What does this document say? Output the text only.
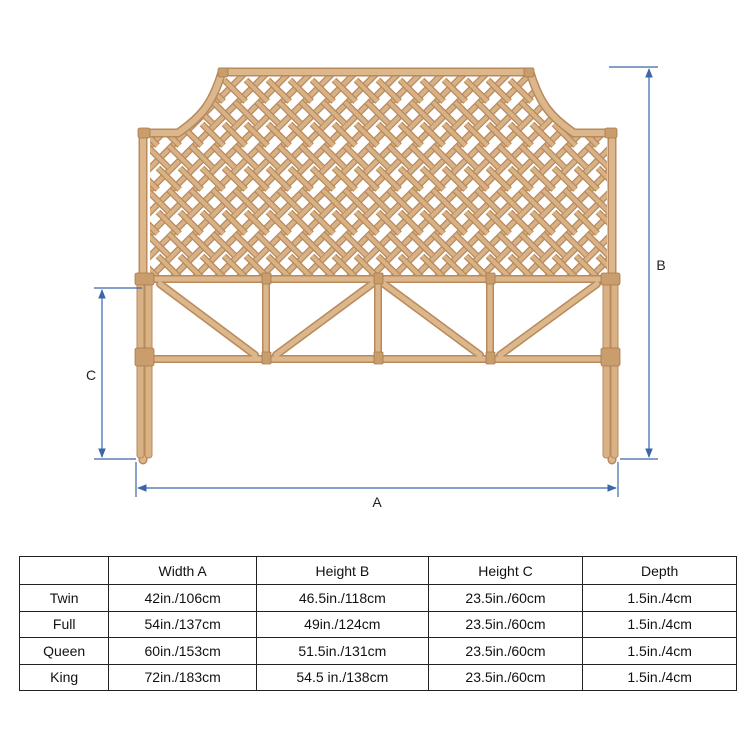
A
B
C
	Width A	Height B	Height C	Depth
Twin	42in./106cm	46.5in./118cm	23.5in./60cm	1.5in./4cm
Full	54in./137cm	49in./124cm	23.5in./60cm	1.5in./4cm
Queen	60in./153cm	51.5in./131cm	23.5in./60cm	1.5in./4cm
King	72in./183cm	54.5 in./138cm	23.5in./60cm	1.5in./4cm
